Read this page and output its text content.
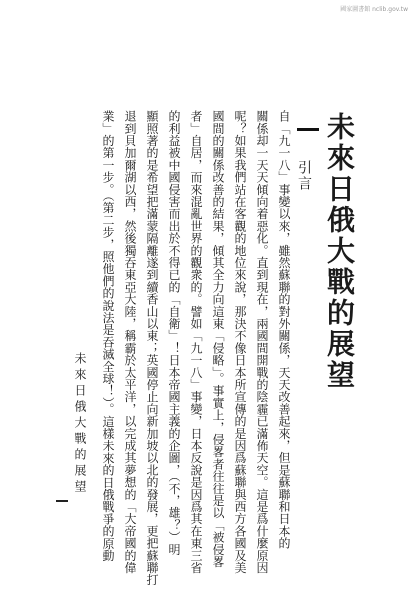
國家圖書館 nclib.gov.tw
未來日俄大戰的展望
引言
自「九一八」事變以來，雖然蘇聯的對外關係，天天改善起來，但是蘇聯和日本的
關係却一天天傾向着惡化。直到現在，兩國間開戰的陰霾已滿佈天空。這是爲什麼原因
呢？如果我們站在客觀的地位來說，那決不像日本所宣傳的是因爲蘇聯與西方各國及美
國間的關係改善的結果，傾其全力向這東「侵略」。事實上，侵畧者往往是以「被侵畧
者」自居，而來混亂世界的觀衆的。譬如「九一八」事變，日本反說是因爲其在東三省
的利益被中國侵害而出於不得已的「自衛」！日本帝國主義的企圖，（不，雄？）明
顯照著的是希望把滿蒙隔離遂到續香山以東；英國停止向新加坡以北的發展，更把蘇聯打
退到貝加爾湖以西，然後獨吞東亞大陸，稱霸於太平洋，以完成其夢想的「大帝國的偉
業」的第一步。（第二步，照他們的說法是吞滅全球！）。這樣未來的日俄戰爭的原動
未來日俄大戰的展望
